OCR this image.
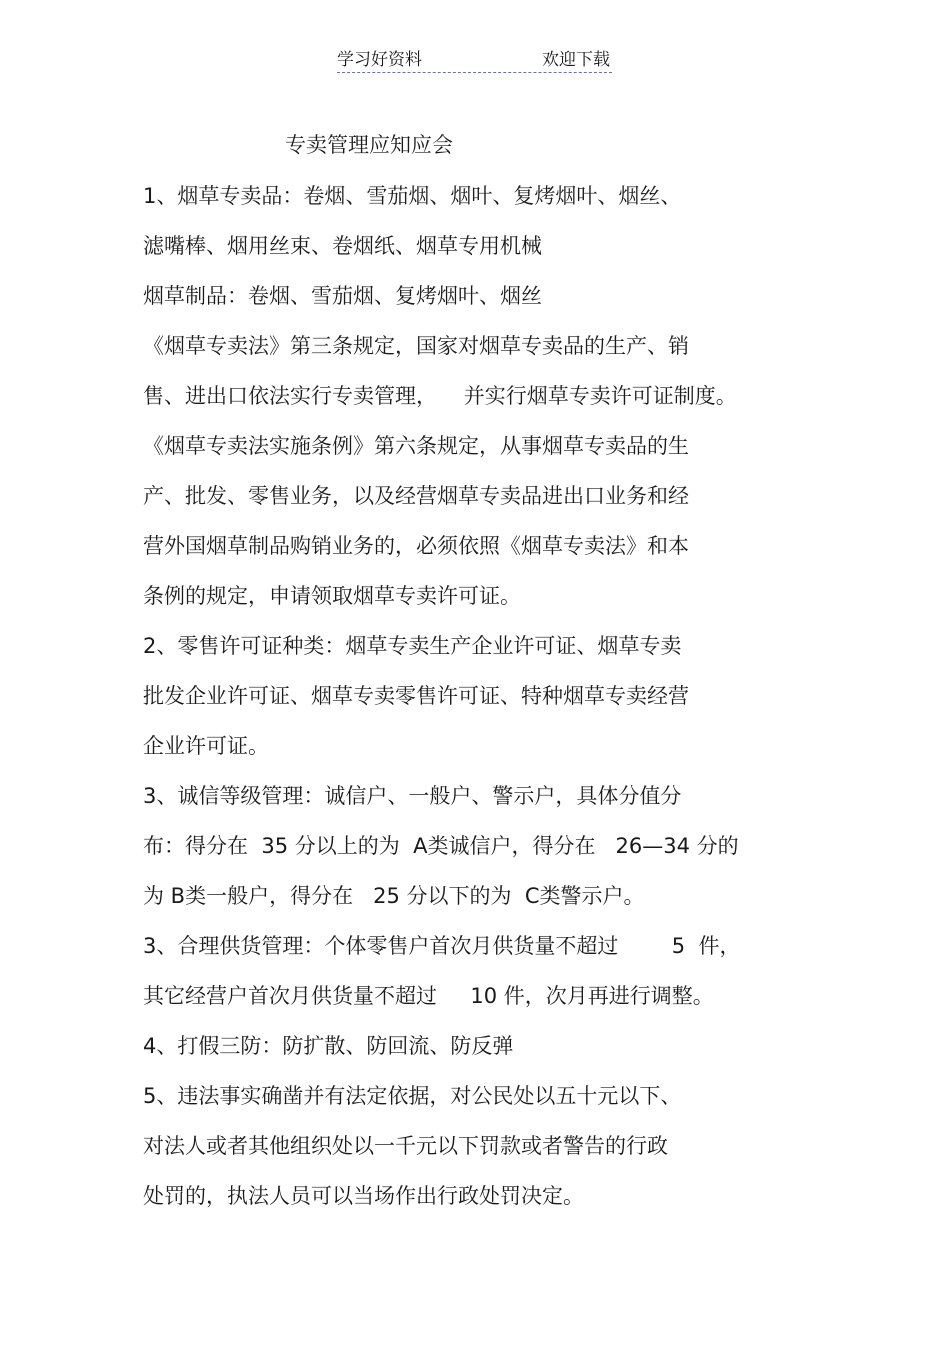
学习好资料	欢迎下载
专卖管理应知应会
1、烟草专卖品：卷烟、雪茄烟、烟叶、复烤烟叶、烟丝、
滤嘴棒、烟用丝束、卷烟纸、烟草专用机械
烟草制品：卷烟、雪茄烟、复烤烟叶、烟丝
《烟草专卖法》第三条规定，国家对烟草专卖品的生产、销
售、进出口依法实行专卖管理，    并实行烟草专卖许可证制度。
《烟草专卖法实施条例》第六条规定，从事烟草专卖品的生
产、批发、零售业务，以及经营烟草专卖品进出口业务和经
营外国烟草制品购销业务的，必须依照《烟草专卖法》和本
条例的规定，申请领取烟草专卖许可证。
2、零售许可证种类：烟草专卖生产企业许可证、烟草专卖
批发企业许可证、烟草专卖零售许可证、特种烟草专卖经营
企业许可证。
3、诚信等级管理：诚信户、一般户、警示户，具体分值分
布：得分在  35 分以上的为  A类诚信户，得分在   26—34 分的
为 B类一般户，得分在   25 分以下的为  C类警示户。
3、合理供货管理：个体零售户首次月供货量不超过        5  件，
其它经营户首次月供货量不超过     10 件，次月再进行调整。
4、打假三防：防扩散、防回流、防反弹
5、违法事实确凿并有法定依据，对公民处以五十元以下、
对法人或者其他组织处以一千元以下罚款或者警告的行政
处罚的，执法人员可以当场作出行政处罚决定。
